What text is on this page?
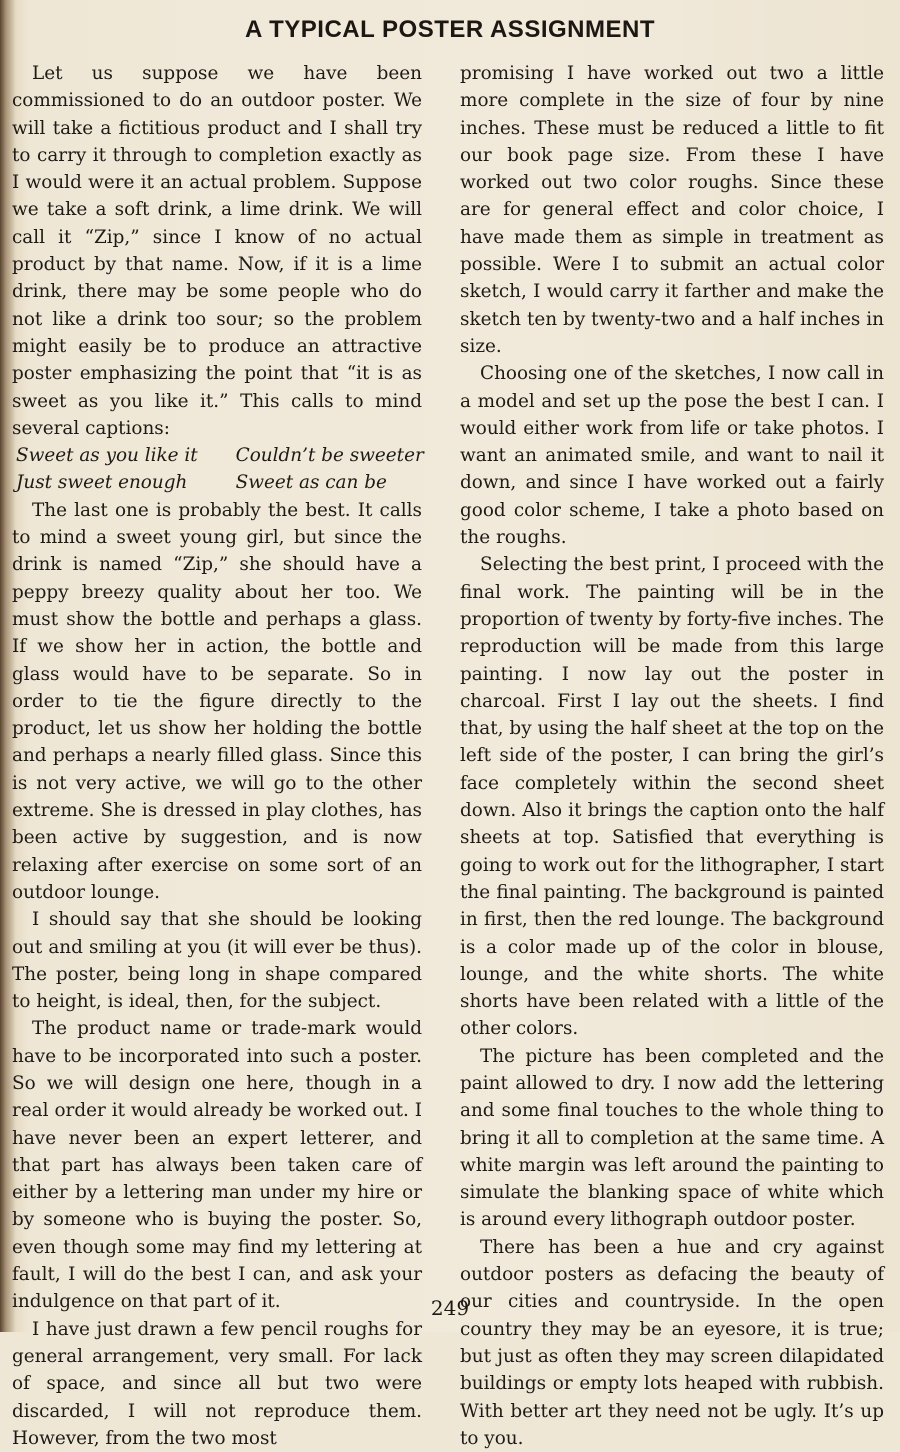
A TYPICAL POSTER ASSIGNMENT

Let us suppose we have been commissioned to do an outdoor poster. We will take a fictitious product and I shall try to carry it through to completion exactly as I would were it an actual problem. Suppose we take a soft drink, a lime drink. We will call it “Zip,” since I know of no actual product by that name. Now, if it is a lime drink, there may be some people who do not like a drink too sour; so the problem might easily be to produce an attractive poster emphasizing the point that “it is as sweet as you like it.” This calls to mind several captions:

Sweet as you like it	Couldn’t be sweeter
Just sweet enough	Sweet as can be

The last one is probably the best. It calls to mind a sweet young girl, but since the drink is named “Zip,” she should have a peppy breezy quality about her too. We must show the bottle and perhaps a glass. If we show her in action, the bottle and glass would have to be separate. So in order to tie the figure directly to the product, let us show her holding the bottle and perhaps a nearly filled glass. Since this is not very active, we will go to the other extreme. She is dressed in play clothes, has been active by suggestion, and is now relaxing after exercise on some sort of an outdoor lounge.

I should say that she should be looking out and smiling at you (it will ever be thus). The poster, being long in shape compared to height, is ideal, then, for the subject.

The product name or trade-mark would have to be incorporated into such a poster. So we will design one here, though in a real order it would already be worked out. I have never been an expert letterer, and that part has always been taken care of either by a lettering man under my hire or by someone who is buying the poster. So, even though some may find my lettering at fault, I will do the best I can, and ask your indulgence on that part of it.

I have just drawn a few pencil roughs for general arrangement, very small. For lack of space, and since all but two were discarded, I will not reproduce them. However, from the two most

promising I have worked out two a little more complete in the size of four by nine inches. These must be reduced a little to fit our book page size. From these I have worked out two color roughs. Since these are for general effect and color choice, I have made them as simple in treatment as possible. Were I to submit an actual color sketch, I would carry it farther and make the sketch ten by twenty-two and a half inches in size.

Choosing one of the sketches, I now call in a model and set up the pose the best I can. I would either work from life or take photos. I want an animated smile, and want to nail it down, and since I have worked out a fairly good color scheme, I take a photo based on the roughs.

Selecting the best print, I proceed with the final work. The painting will be in the proportion of twenty by forty-five inches. The reproduction will be made from this large painting. I now lay out the poster in charcoal. First I lay out the sheets. I find that, by using the half sheet at the top on the left side of the poster, I can bring the girl’s face completely within the second sheet down. Also it brings the caption onto the half sheets at top. Satisfied that everything is going to work out for the lithographer, I start the final painting. The background is painted in first, then the red lounge. The background is a color made up of the color in blouse, lounge, and the white shorts. The white shorts have been related with a little of the other colors.

The picture has been completed and the paint allowed to dry. I now add the lettering and some final touches to the whole thing to bring it all to completion at the same time. A white margin was left around the painting to simulate the blanking space of white which is around every lithograph outdoor poster.

There has been a hue and cry against outdoor posters as defacing the beauty of our cities and countryside. In the open country they may be an eyesore, it is true; but just as often they may screen dilapidated buildings or empty lots heaped with rubbish. With better art they need not be ugly. It’s up to you.

249
